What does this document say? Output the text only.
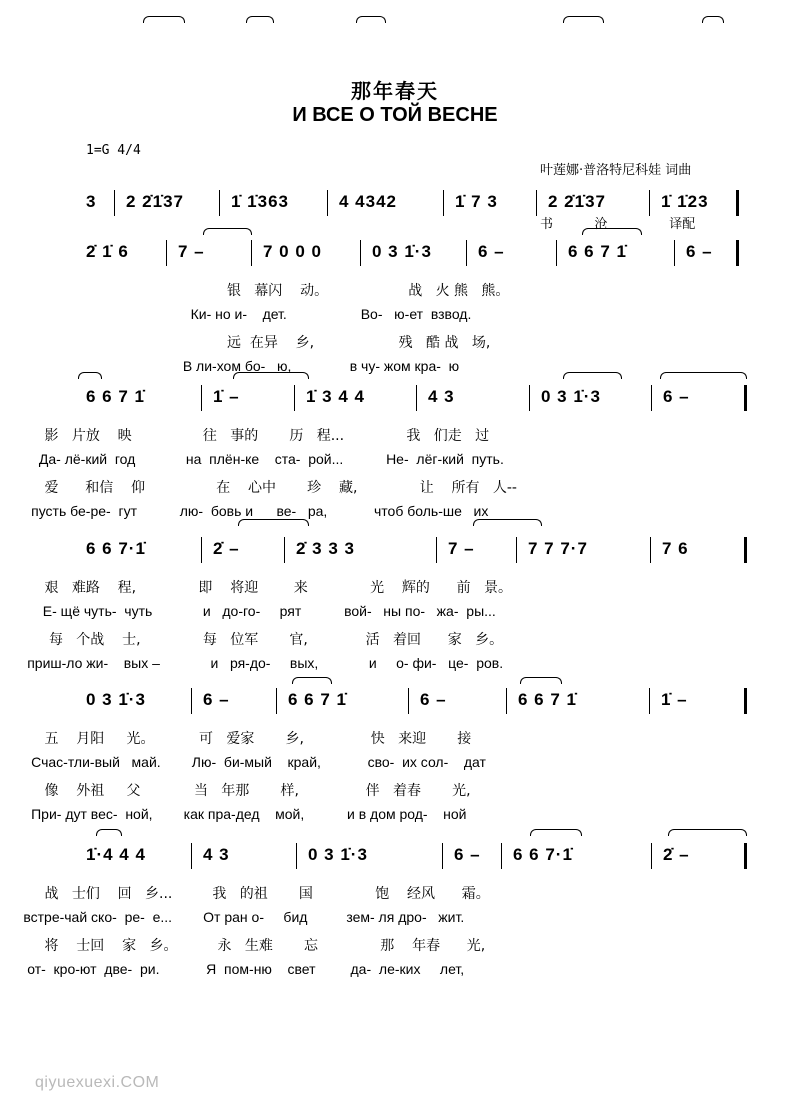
那年春天
И ВСЕ О ТОЙ ВЕСНЕ
1=G 4/4

叶莲娜·普洛特尼科娃 词曲

书          沧               译配

3 2 2̇1̇37	1̇ 1̇363	4 4342	1̇ 7 3	2 2̇1̇37	1̇ 1̇23
2̇ 1̇ 6	7 –	7 0 0 0	0 3 1̇·3	6 –	6 6 7 1̇	6 –
银   幕闪    动。                  战   火 熊   熊。
Ки- но и-    дет.                   Во-   ю-ет  взвод.
远  在异    乡,                   残   酷 战   场,
В ли-хом бо-   ю,               в чу- жом кра-  ю
6 6 7 1̇	1̇ –	1̇ 3 4 4	4 3	0 3 1̇·3	6 –
影   片放    映                往   事的       历   程...              我   们走   过
Да- лё-кий  год             на  плён-ке    ста-  рой...           Не-  лёг-кий  путь.
爱      和信    仰                在    心中       珍    藏,              让    所有   人--
пусть бе-ре-  гут           лю-  бовь и      ве-   ра,            чтоб боль-ше   их
6 6 7·1̇	2̇ –	2̇ 3 3 3	7 –	7 7 7·7	7 6
艰   难路    程,              即    将迎        来              光    辉的      前   景。
Е- щё чуть-  чуть             и   до-го-     рят           вой-   ны по-   жа-  ры...
每   个战    士,              每   位军       官,             活   着回      家   乡。
приш-ло жи-    вых –             и   ря-до-     вых,             и     о- фи-   це-  ров.
0 3 1̇·3	6 –	6 6 7 1̇	6 –	6 6 7 1̇	1̇ –
五    月阳     光。          可   爱家       乡,               快   来迎       接
Счас-тли-вый   май.        Лю-  би-мый    край,            сво-  их сол-    дат
像    外祖     父            当   年那       样,               伴   着春       光,
При- дут вес-  ной,        как пра-дед    мой,           и в дом род-    ной
1̇·4 4 4	4 3	0 3 1̇·3	6 – 6 6 7·1̇	2̇ –
战   士们    回   乡...         我   的祖       国              饱    经风      霜。
встре-чай ско-  ре-  е...        От ран о-     бид          зем- ля дро-   жит.
将    士回    家   乡。         永   生难       忘              那    年春      光,
от-  кро-ют  две-  ри.            Я  пом-ню    свет         да-  ле-ких     лет,
qiyuexuexi.COM
